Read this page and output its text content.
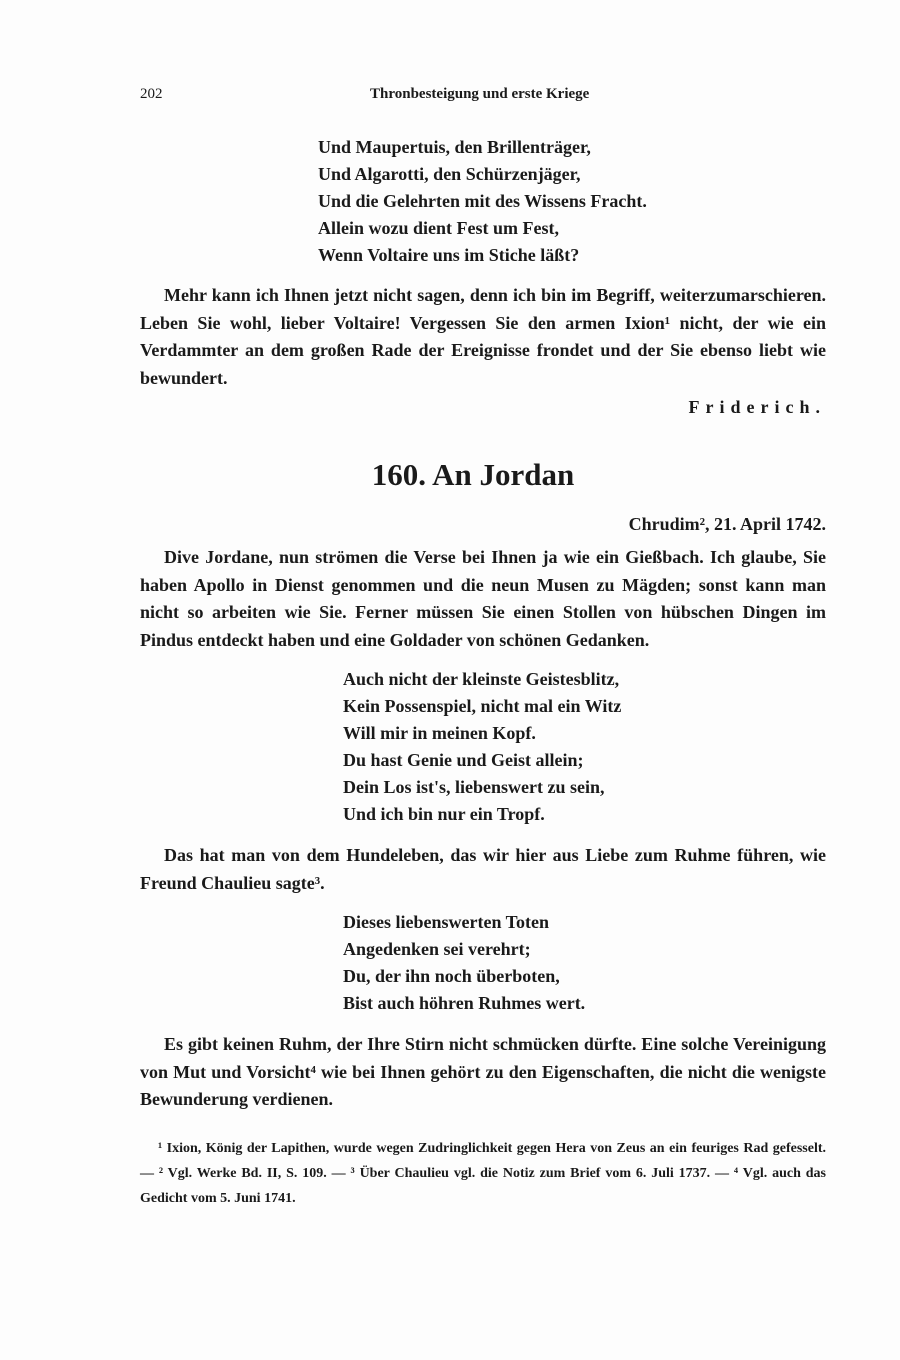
202	Thronbesteigung und erste Kriege
Und Maupertuis, den Brillenträger,
Und Algarotti, den Schürzenjäger,
Und die Gelehrten mit des Wissens Fracht.
Allein wozu dient Fest um Fest,
Wenn Voltaire uns im Stiche läßt?

Mehr kann ich Ihnen jetzt nicht sagen, denn ich bin im Begriff, weiterzumarschieren. Leben Sie wohl, lieber Voltaire! Vergessen Sie den armen Ixion¹ nicht, der wie ein Verdammter an dem großen Rade der Ereignisse frondet und der Sie ebenso liebt wie bewundert.

Friderich.
160. An Jordan
Chrudim², 21. April 1742.

Dive Jordane, nun strömen die Verse bei Ihnen ja wie ein Gießbach. Ich glaube, Sie haben Apollo in Dienst genommen und die neun Musen zu Mägden; sonst kann man nicht so arbeiten wie Sie. Ferner müssen Sie einen Stollen von hübschen Dingen im Pindus entdeckt haben und eine Goldader von schönen Gedanken.

Auch nicht der kleinste Geistesblitz,
Kein Possenspiel, nicht mal ein Witz
Will mir in meinen Kopf.
Du hast Genie und Geist allein;
Dein Los ist's, liebenswert zu sein,
Und ich bin nur ein Tropf.

Das hat man von dem Hundeleben, das wir hier aus Liebe zum Ruhme führen, wie Freund Chaulieu sagte³.

Dieses liebenswerten Toten
Angedenken sei verehrt;
Du, der ihn noch überboten,
Bist auch höhren Ruhmes wert.

Es gibt keinen Ruhm, der Ihre Stirn nicht schmücken dürfte. Eine solche Vereinigung von Mut und Vorsicht⁴ wie bei Ihnen gehört zu den Eigenschaften, die nicht die wenigste Bewunderung verdienen.

¹ Ixion, König der Lapithen, wurde wegen Zudringlichkeit gegen Hera von Zeus an ein feuriges Rad gefesselt. — ² Vgl. Werke Bd. II, S. 109. — ³ Über Chaulieu vgl. die Notiz zum Brief vom 6. Juli 1737. — ⁴ Vgl. auch das Gedicht vom 5. Juni 1741.
